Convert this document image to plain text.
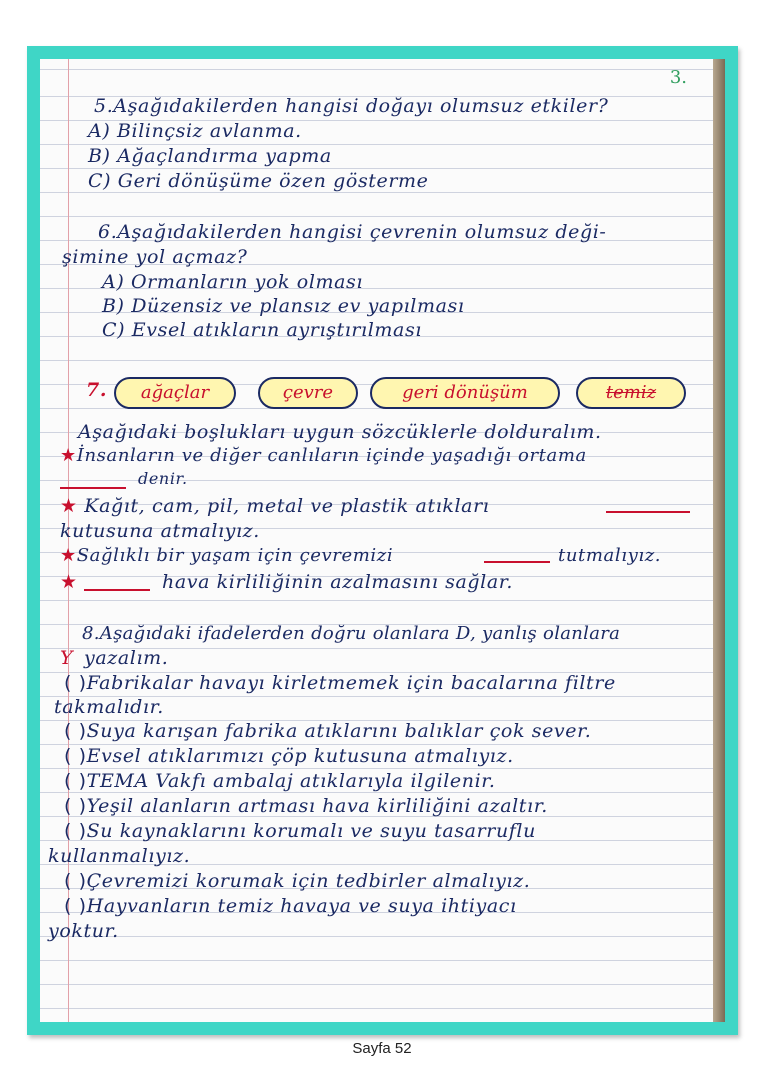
3.
5.Aşağıdakilerden hangisi doğayı olumsuz etkiler?
A) Bilinçsiz avlanma.
B) Ağaçlandırma yapma
C) Geri dönüşüme özen gösterme
6.Aşağıdakilerden hangisi çevrenin olumsuz deği-
şimine yol açmaz?
A) Ormanların yok olması
B) Düzensiz ve plansız ev yapılması
C) Evsel atıkların ayrıştırılması
7.	ağaçlar	çevre	geri dönüşüm	temiz
Aşağıdaki boşlukları uygun sözcüklerle dolduralım.
★İnsanların ve diğer canlıların içinde yaşadığı ortama
denir.
★ Kağıt, cam, pil, metal ve plastik atıkları
kutusuna atmalıyız.
★Sağlıklı bir yaşam için çevremizi	tutmalıyız.
★	hava kirliliğinin azalmasını sağlar.
8.Aşağıdaki ifadelerden doğru olanlara D, yanlış olanlara
Y yazalım.
( )Fabrikalar havayı kirletmemek için bacalarına filtre
takmalıdır.
( )Suya karışan fabrika atıklarını balıklar çok sever.
( )Evsel atıklarımızı çöp kutusuna atmalıyız.
( )TEMA Vakfı ambalaj atıklarıyla ilgilenir.
( )Yeşil alanların artması hava kirliliğini azaltır.
( )Su kaynaklarını korumalı ve suyu tasarruflu
kullanmalıyız.
( )Çevremizi korumak için tedbirler almalıyız.
( )Hayvanların temiz havaya ve suya ihtiyacı
yoktur.
Sayfa 52
